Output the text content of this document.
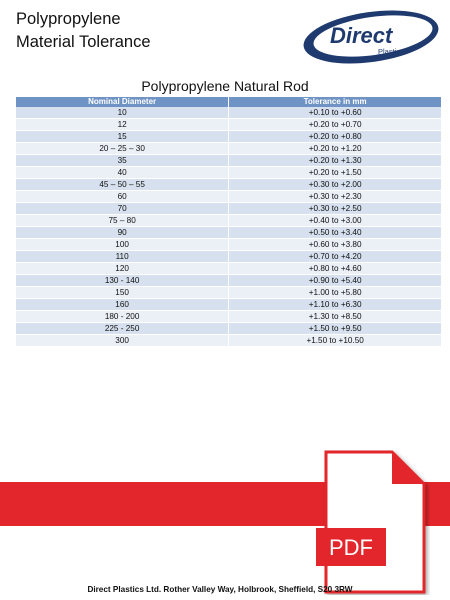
Polypropylene
Material Tolerance	Direct
Plastics
Polypropylene Natural Rod
Nominal Diameter	Tolerance in mm
10	+0.10 to +0.60
12	+0.20 to +0.70
15	+0.20 to +0.80
20 – 25 – 30	+0.20 to +1.20
35	+0.20 to +1.30
40	+0.20 to +1.50
45 – 50 – 55	+0.30 to +2.00
60	+0.30 to +2.30
70	+0.30 to +2.50
75 – 80	+0.40 to +3.00
90	+0.50 to +3.40
100	+0.60 to +3.80
110	+0.70 to +4.20
120	+0.80 to +4.60
130 - 140	+0.90 to +5.40
150	+1.00 to +5.80
160	+1.10 to +6.30
180 - 200	+1.30 to +8.50
225 - 250	+1.50 to +9.50
300	+1.50 to +10.50
PDF
Direct Plastics Ltd. Rother Valley Way, Holbrook, Sheffield, S20 3RW
